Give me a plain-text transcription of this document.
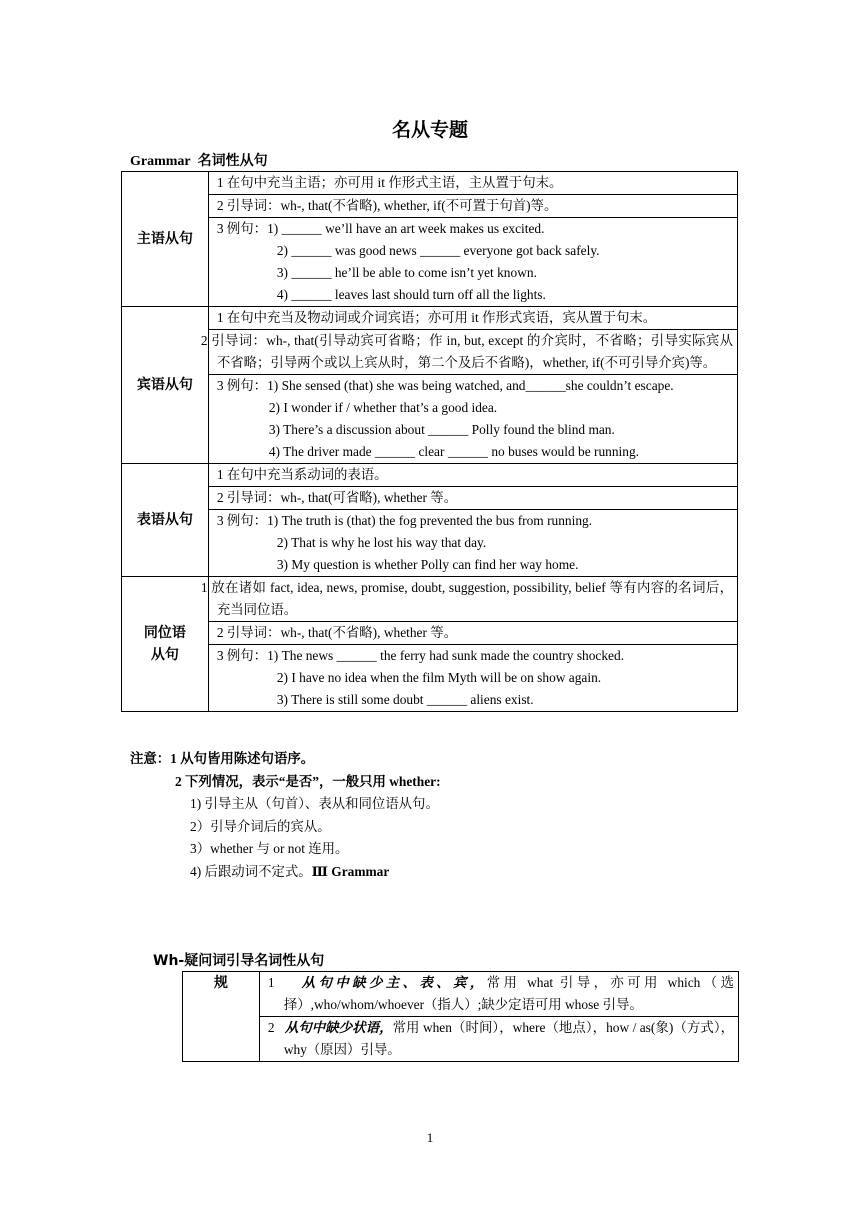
名从专题
Grammar 名词性从句
主语从句	1 在句中充当主语；亦可用 it 作形式主语，主从置于句末。
	2 引导词：wh-, that(不省略), whether, if(不可置于句首)等。

	3 例句：1) ______ we’ll have an art week makes us excited.
2) ______ was good news ______ everyone got back safely.
3) ______ he’ll be able to come isn’t yet known.
4) ______ leaves last should turn off all the lights.

宾语从句	1 在句中充当及物动词或介词宾语；亦可用 it 作形式宾语，宾从置于句末。
	2 引导词：wh-, that(引导动宾可省略；作 in, but, except 的介宾时，不省略；引导实际宾从不省略；引导两个或以上宾从时，第二个及后不省略)，whether, if(不可引导介宾)等。

	3 例句：1) She sensed (that) she was being watched, and______she couldn’t escape.
2) I wonder if / whether that’s a good idea.
3) There’s a discussion about ______ Polly found the blind man.
4) The driver made ______ clear ______ no buses would be running.

表语从句	1 在句中充当系动词的表语。
	2 引导词：wh-, that(可省略), whether 等。

	3 例句：1) The truth is (that) the fog prevented the bus from running.
2) That is why he lost his way that day.
3) My question is whether Polly can find her way home.

同位语
从句	1 放在诸如 fact, idea, news, promise, doubt, suggestion, possibility, belief 等有内容的名词后，充当同位语。
	2 引导词：wh-, that(不省略), whether 等。

	3 例句：1) The news ______ the ferry had sunk made the country shocked.
2) I have no idea when the film Myth will be on show again.
3) There is still some doubt ______ aliens exist.
注意：1 从句皆用陈述句语序。
2 下列情况，表示“是否”，一般只用 whether:
1) 引导主从（句首）、表从和同位语从句。
2）引导介词后的宾从。
3）whether 与 or not 连用。
4) 后跟动词不定式。Ⅲ Grammar
Wh-疑问词引导名词性从句
规	1 从句中缺少主、表、宾，常用 what 引导，亦可用 which（选择）,who/whom/whoever（指人）;缺少定语可用 whose 引导。
2 从句中缺少状语，常用 when（时间），where（地点），how / as(象)（方式），why（原因）引导。
1
